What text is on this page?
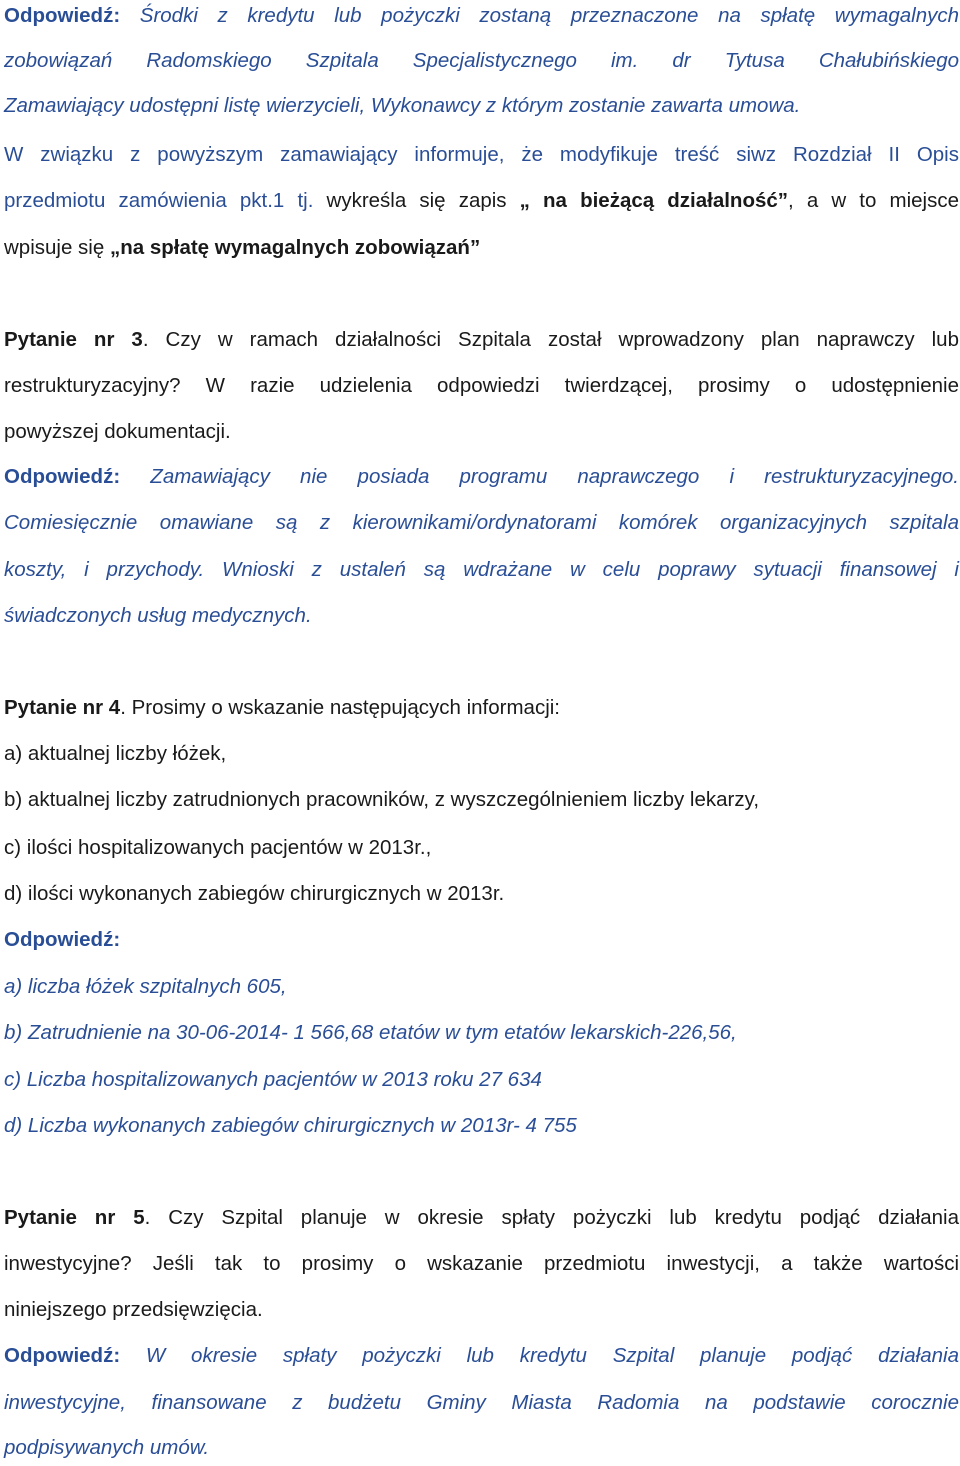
Odpowiedź: Środki z kredytu lub pożyczki zostaną przeznaczone na spłatę wymagalnych
zobowiązań Radomskiego Szpitala Specjalistycznego im. dr Tytusa Chałubińskiego
Zamawiający udostępni listę wierzycieli, Wykonawcy z którym zostanie zawarta umowa.
W związku z powyższym zamawiający informuje, że modyfikuje treść siwz Rozdział II Opis
przedmiotu zamówienia pkt.1 tj. wykreśla się zapis „ na bieżącą działalność”, a w to miejsce
wpisuje się „na spłatę wymagalnych zobowiązań”
Pytanie nr 3. Czy w ramach działalności Szpitala został wprowadzony plan naprawczy lub
restrukturyzacyjny? W razie udzielenia odpowiedzi twierdzącej, prosimy o udostępnienie
powyższej dokumentacji.
Odpowiedź: Zamawiający nie posiada programu naprawczego i restrukturyzacyjnego.
Comiesięcznie omawiane są z kierownikami/ordynatorami komórek organizacyjnych szpitala
koszty, i przychody. Wnioski z ustaleń są wdrażane w celu poprawy sytuacji finansowej i
świadczonych usług medycznych.
Pytanie nr 4. Prosimy o wskazanie następujących informacji:
a) aktualnej liczby łóżek,
b) aktualnej liczby zatrudnionych pracowników, z wyszczególnieniem liczby lekarzy,
c) ilości hospitalizowanych pacjentów w 2013r.,
d) ilości wykonanych zabiegów chirurgicznych w 2013r.
Odpowiedź:
a) liczba łóżek szpitalnych 605,
b) Zatrudnienie na 30-06-2014- 1 566,68 etatów w tym etatów lekarskich-226,56,
c) Liczba hospitalizowanych pacjentów w 2013 roku 27 634
d) Liczba wykonanych zabiegów chirurgicznych w 2013r- 4 755
Pytanie nr 5. Czy Szpital planuje w okresie spłaty pożyczki lub kredytu podjąć działania
inwestycyjne? Jeśli tak to prosimy o wskazanie przedmiotu inwestycji, a także wartości
niniejszego przedsięwzięcia.
Odpowiedź: W okresie spłaty pożyczki lub kredytu Szpital planuje podjąć działania
inwestycyjne, finansowane z budżetu Gminy Miasta Radomia na podstawie corocznie
podpisywanych umów.
